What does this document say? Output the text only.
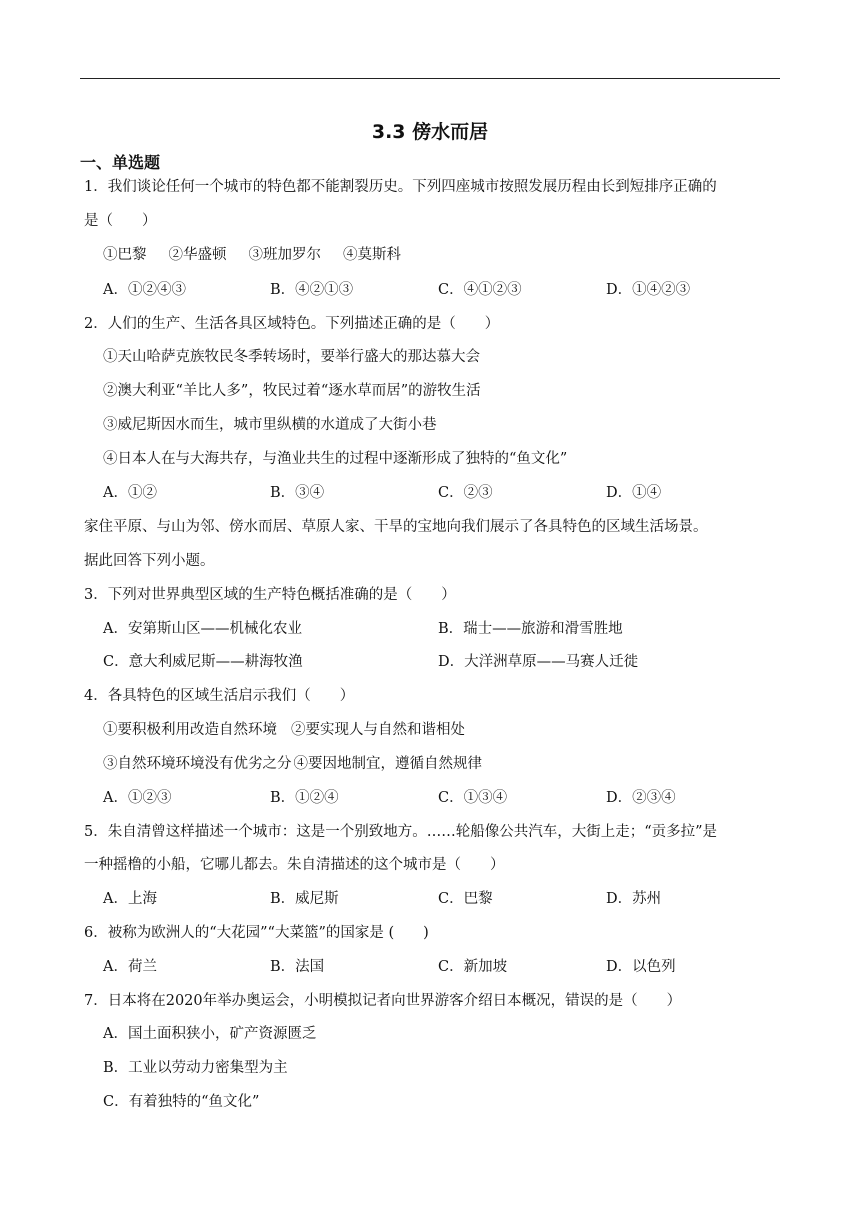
3.3 傍水而居
一、单选题
1．我们谈论任何一个城市的特色都不能割裂历史。下列四座城市按照发展历程由长到短排序正确的
是（　　）
①巴黎 ②华盛顿 ③班加罗尔 ④莫斯科
A．①②④③	B．④②①③	C．④①②③	D．①④②③
2．人们的生产、生活各具区域特色。下列描述正确的是（　　）
①天山哈萨克族牧民冬季转场时，要举行盛大的那达慕大会
②澳大利亚“羊比人多”，牧民过着“逐水草而居”的游牧生活
③威尼斯因水而生，城市里纵横的水道成了大街小巷
④日本人在与大海共存，与渔业共生的过程中逐渐形成了独特的“鱼文化”
A．①②	B．③④	C．②③	D．①④
家住平原、与山为邻、傍水而居、草原人家、干旱的宝地向我们展示了各具特色的区域生活场景。
据此回答下列小题。
3．下列对世界典型区域的生产特色概括准确的是（　　）
A．安第斯山区——机械化农业	B．瑞士——旅游和滑雪胜地
C．意大利威尼斯——耕海牧渔	D．大洋洲草原——马赛人迁徙
4．各具特色的区域生活启示我们（　　）
①要积极利用改造自然环境 ②要实现人与自然和谐相处
③自然环境环境没有优劣之分 ④要因地制宜，遵循自然规律
A．①②③	B．①②④	C．①③④	D．②③④
5．朱自清曾这样描述一个城市：这是一个别致地方。……轮船像公共汽车，大街上走；“贡多拉”是
一种摇橹的小船，它哪儿都去。朱自清描述的这个城市是（　　）
A．上海	B．威尼斯	C．巴黎	D．苏州
6．被称为欧洲人的“大花园”“大菜篮”的国家是 (　　)
A．荷兰	B．法国	C．新加坡	D．以色列
7．日本将在2020年举办奥运会，小明模拟记者向世界游客介绍日本概况，错误的是（　　）
A．国土面积狭小，矿产资源匮乏
B．工业以劳动力密集型为主
C．有着独特的“鱼文化”
